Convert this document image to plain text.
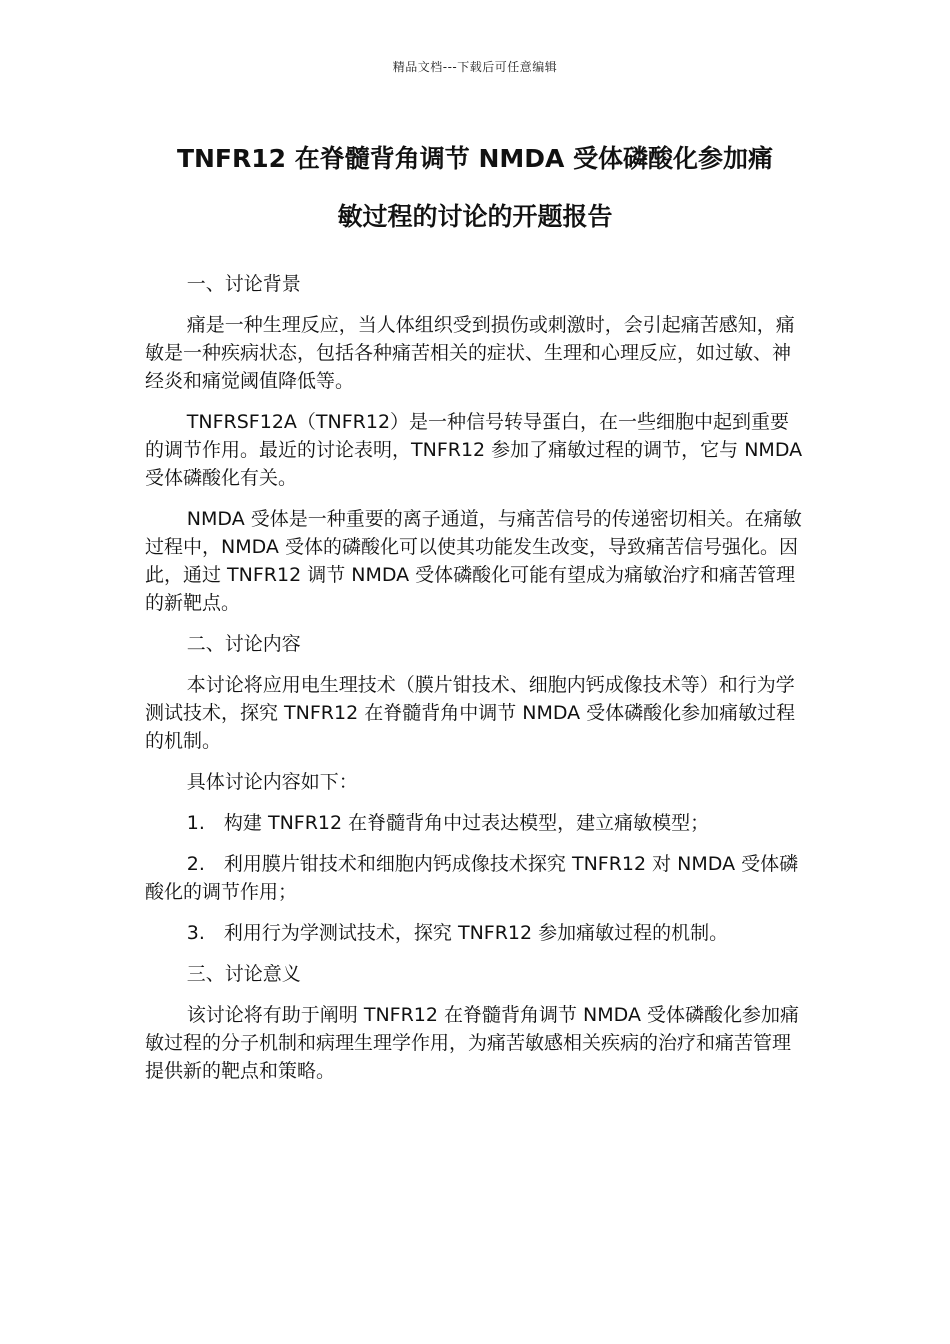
精品文档---下载后可任意编辑
TNFR12 在脊髓背角调节 NMDA 受体磷酸化参加痛
敏过程的讨论的开题报告

一、讨论背景

痛是一种生理反应，当人体组织受到损伤或刺激时，会引起痛苦感知，痛敏是一种疾病状态，包括各种痛苦相关的症状、生理和心理反应，如过敏、神经炎和痛觉阈值降低等。

TNFRSF12A（TNFR12）是一种信号转导蛋白，在一些细胞中起到重要的调节作用。最近的讨论表明，TNFR12 参加了痛敏过程的调节，它与 NMDA 受体磷酸化有关。

NMDA 受体是一种重要的离子通道，与痛苦信号的传递密切相关。在痛敏过程中，NMDA 受体的磷酸化可以使其功能发生改变，导致痛苦信号强化。因此，通过 TNFR12 调节 NMDA 受体磷酸化可能有望成为痛敏治疗和痛苦管理的新靶点。

二、讨论内容

本讨论将应用电生理技术（膜片钳技术、细胞内钙成像技术等）和行为学测试技术，探究 TNFR12 在脊髓背角中调节 NMDA 受体磷酸化参加痛敏过程的机制。

具体讨论内容如下：

1.　构建 TNFR12 在脊髓背角中过表达模型，建立痛敏模型；

2.　利用膜片钳技术和细胞内钙成像技术探究 TNFR12 对 NMDA 受体磷酸化的调节作用；

3.　利用行为学测试技术，探究 TNFR12 参加痛敏过程的机制。

三、讨论意义

该讨论将有助于阐明 TNFR12 在脊髓背角调节 NMDA 受体磷酸化参加痛敏过程的分子机制和病理生理学作用，为痛苦敏感相关疾病的治疗和痛苦管理提供新的靶点和策略。
